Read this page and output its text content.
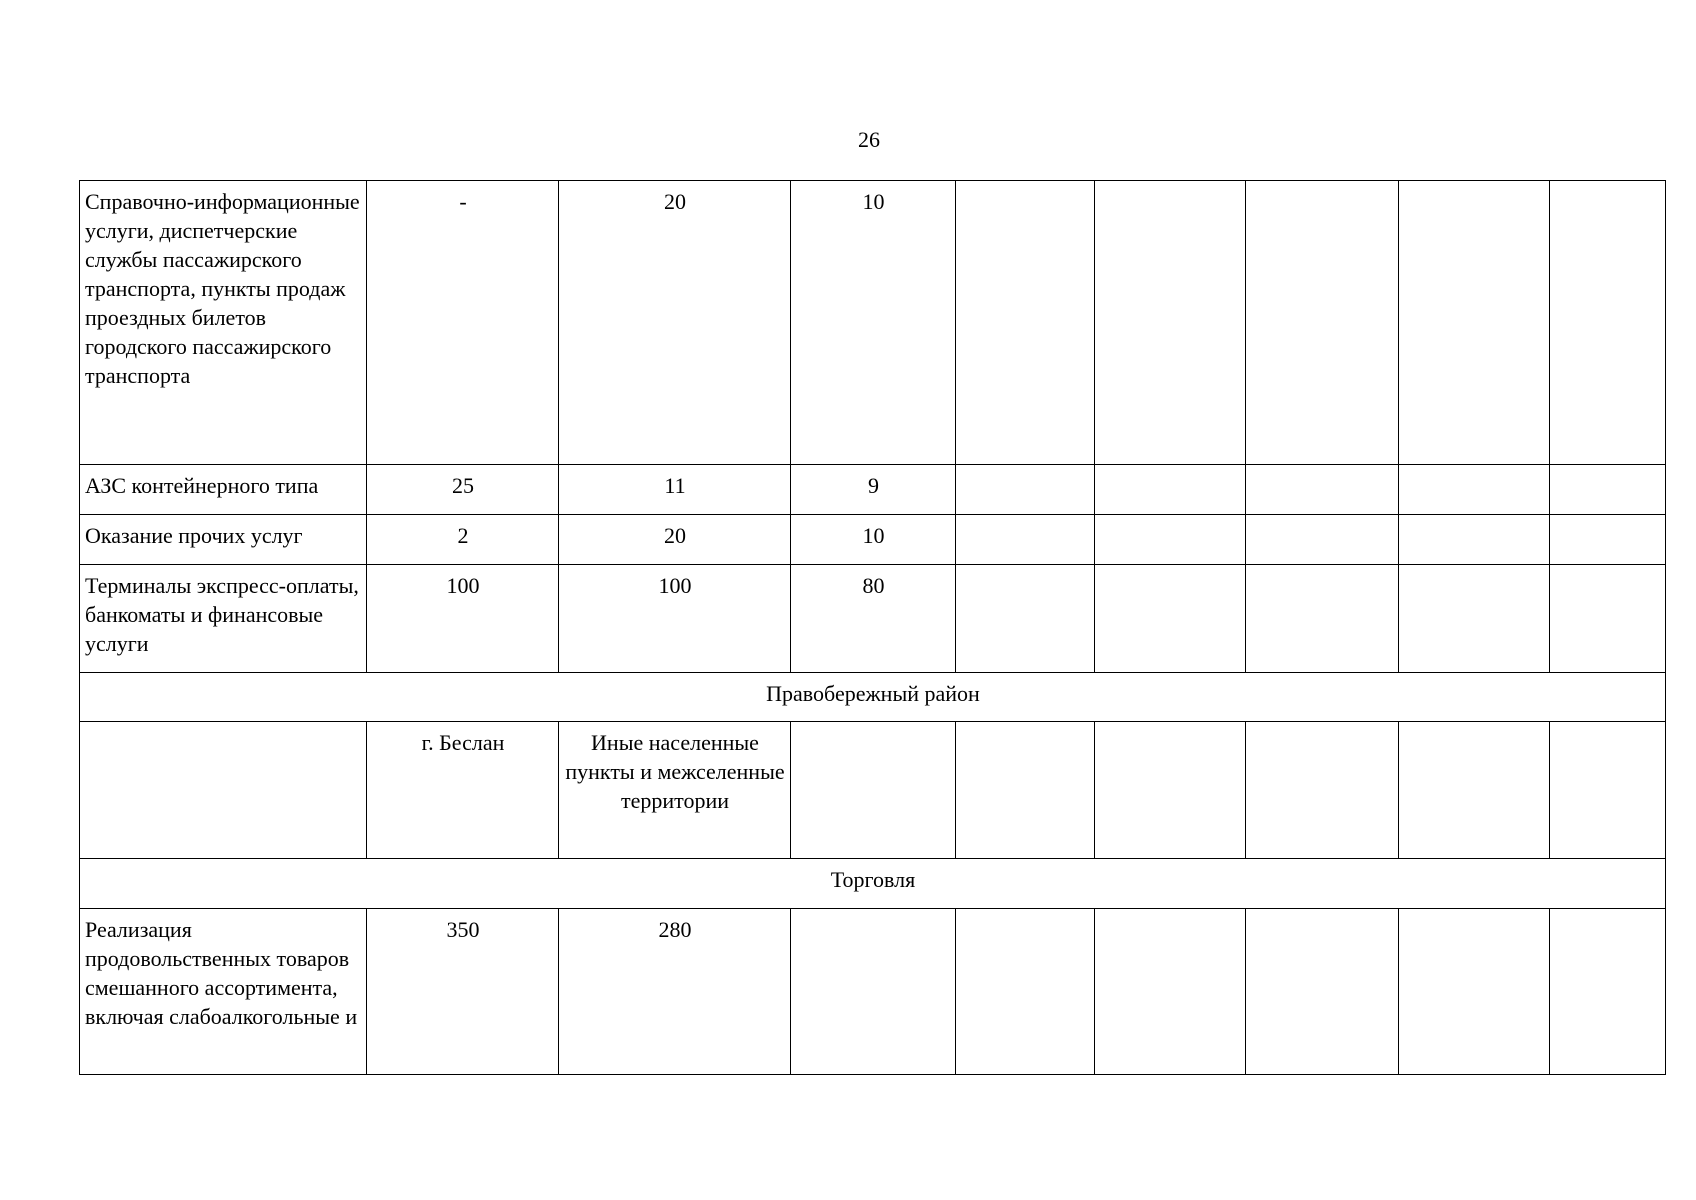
26
Справочно-информационные услуги, диспетчерские службы пассажирского транспорта, пункты продаж проездных билетов городского пассажирского транспорта	-	20	10					
АЗС контейнерного типа	25	11	9					
Оказание прочих услуг	2	20	10					
Терминалы экспресс-оплаты, банкоматы и финансовые услуги	100	100	80					
Правобережный район								
	г. Беслан	Иные населенные пункты и межселенные территории						
Торговля								
Реализация продовольственных товаров смешанного ассортимента, включая слабоалкогольные и	350	280						
